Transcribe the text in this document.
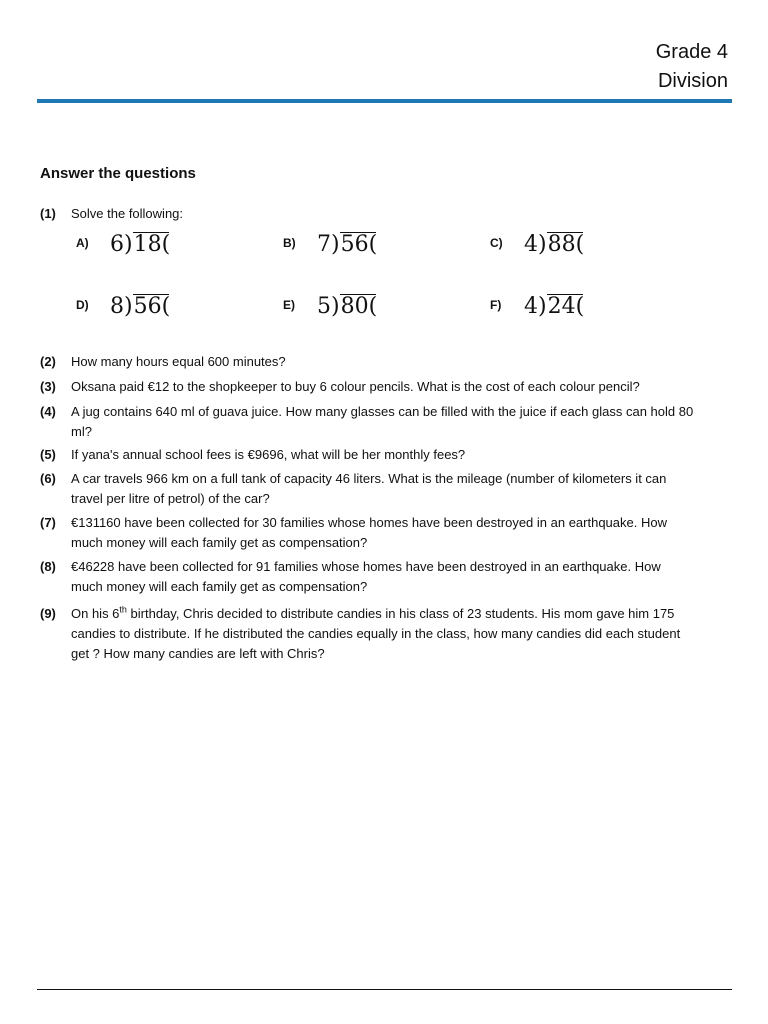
Grade 4
Division
Answer the questions
(1) Solve the following:
A) 6)18(	B) 7)56(	C) 4)88(
D) 8)56(	E) 5)80(	F) 4)24(
(2) How many hours equal 600 minutes?
(3) Oksana paid €12 to the shopkeeper to buy 6 colour pencils. What is the cost of each colour pencil?
(4) A jug contains 640 ml of guava juice. How many glasses can be filled with the juice if each glass can hold 80 ml?
(5) If yana's annual school fees is €9696, what will be her monthly fees?
(6) A car travels 966 km on a full tank of capacity 46 liters. What is the mileage (number of kilometers it can travel per litre of petrol) of the car?
(7) €131160 have been collected for 30 families whose homes have been destroyed in an earthquake. How much money will each family get as compensation?
(8) €46228 have been collected for 91 families whose homes have been destroyed in an earthquake. How much money will each family get as compensation?
(9) On his 6th birthday, Chris decided to distribute candies in his class of 23 students. His mom gave him 175 candies to distribute. If he distributed the candies equally in the class, how many candies did each student get ? How many candies are left with Chris?
